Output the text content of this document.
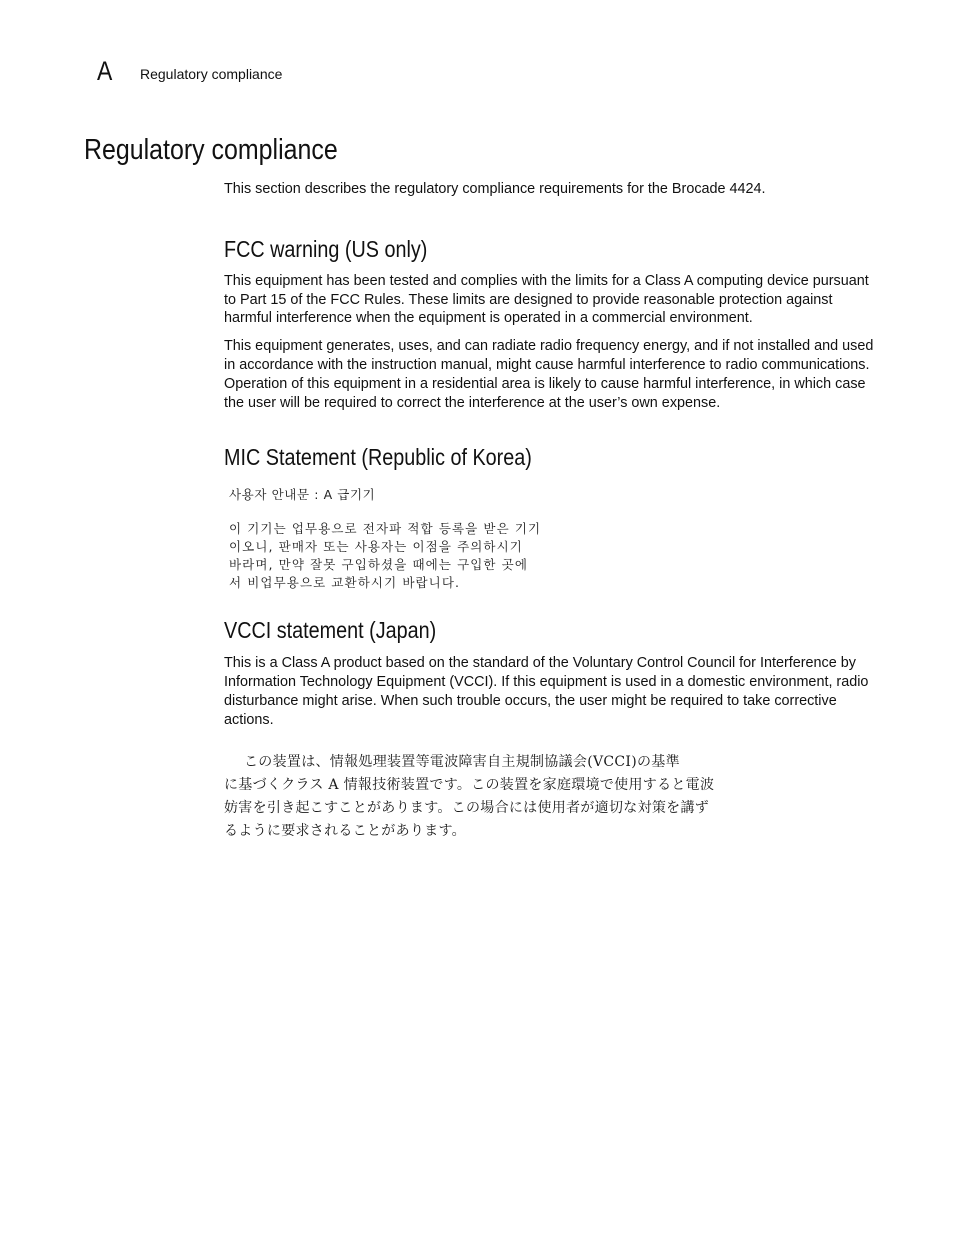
A Regulatory compliance
Regulatory compliance

This section describes the regulatory compliance requirements for the Brocade 4424.

FCC warning (US only)

This equipment has been tested and complies with the limits for a Class A computing device pursuant to Part 15 of the FCC Rules. These limits are designed to provide reasonable protection against harmful interference when the equipment is operated in a commercial environment.

This equipment generates, uses, and can radiate radio frequency energy, and if not installed and used in accordance with the instruction manual, might cause harmful interference to radio communications. Operation of this equipment in a residential area is likely to cause harmful interference, in which case the user will be required to correct the interference at the user’s own expense.

MIC Statement (Republic of Korea)
사용자 안내문 : A 급기기
이 기기는 업무용으로 전자파 적합 등록을 받은 기기
이오니, 판매자 또는 사용자는 이점을 주의하시기
바라며, 만약 잘못 구입하셨을 때에는 구입한 곳에
서 비업무용으로 교환하시기 바랍니다.
VCCI statement (Japan)

This is a Class A product based on the standard of the Voluntary Control Council for Interference by Information Technology Equipment (VCCI). If this equipment is used in a domestic environment, radio disturbance might arise. When such trouble occurs, the user might be required to take corrective actions.

この装置は、情報処理装置等電波障害自主規制協議会(VCCI)の基準
に基づくクラス A 情報技術装置です。この装置を家庭環境で使用すると電波
妨害を引き起こすことがあります。この場合には使用者が適切な対策を講ず
るように要求されることがあります。
